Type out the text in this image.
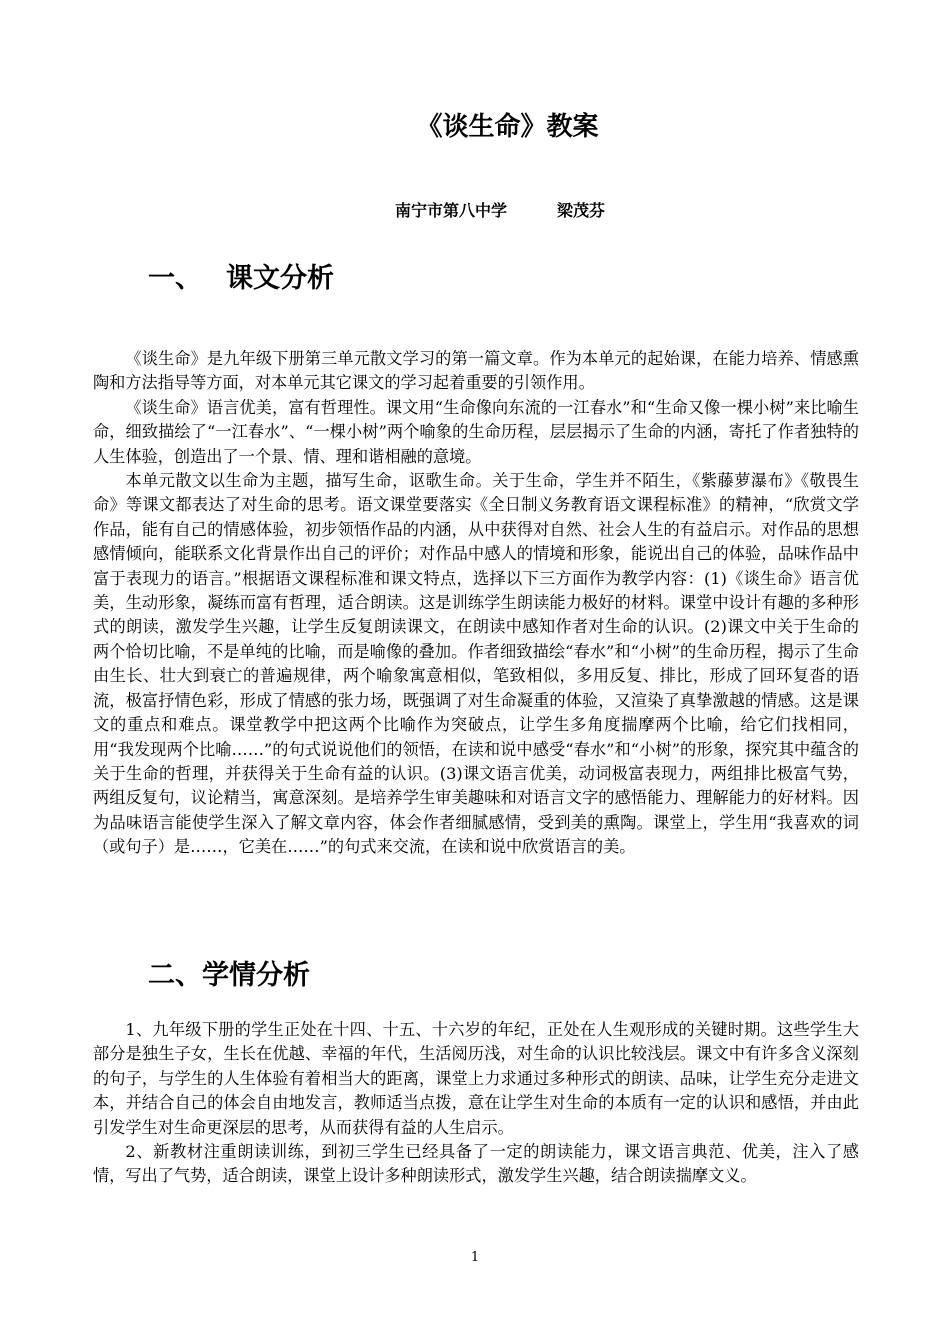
《谈生命》教案
南宁市第八中学	梁茂芬
一、 课文分析

《谈生命》是九年级下册第三单元散文学习的第一篇文章。作为本单元的起始课，在能力培养、情感熏陶和方法指导等方面，对本单元其它课文的学习起着重要的引领作用。

《谈生命》语言优美，富有哲理性。课文用“生命像向东流的一江春水”和“生命又像一棵小树”来比喻生命，细致描绘了“一江春水”、“一棵小树”两个喻象的生命历程，层层揭示了生命的内涵，寄托了作者独特的人生体验，创造出了一个景、情、理和谐相融的意境。

本单元散文以生命为主题，描写生命，讴歌生命。关于生命，学生并不陌生，《紫藤萝瀑布》《敬畏生命》等课文都表达了对生命的思考。语文课堂要落实《全日制义务教育语文课程标准》的精神，“欣赏文学作品，能有自己的情感体验，初步领悟作品的内涵，从中获得对自然、社会人生的有益启示。对作品的思想感情倾向，能联系文化背景作出自己的评价；对作品中感人的情境和形象，能说出自己的体验，品味作品中富于表现力的语言。”根据语文课程标准和课文特点，选择以下三方面作为教学内容：(1)《谈生命》语言优美，生动形象，凝练而富有哲理，适合朗读。这是训练学生朗读能力极好的材料。课堂中设计有趣的多种形式的朗读，激发学生兴趣，让学生反复朗读课文，在朗读中感知作者对生命的认识。(2)课文中关于生命的两个恰切比喻，不是单纯的比喻，而是喻像的叠加。作者细致描绘“春水”和“小树”的生命历程，揭示了生命由生长、壮大到衰亡的普遍规律，两个喻象寓意相似，笔致相似，多用反复、排比，形成了回环复沓的语流，极富抒情色彩，形成了情感的张力场，既强调了对生命凝重的体验，又渲染了真挚激越的情感。这是课文的重点和难点。课堂教学中把这两个比喻作为突破点，让学生多角度揣摩两个比喻，给它们找相同，用“我发现两个比喻……”的句式说说他们的领悟，在读和说中感受“春水”和“小树”的形象，探究其中蕴含的关于生命的哲理，并获得关于生命有益的认识。(3)课文语言优美，动词极富表现力，两组排比极富气势，两组反复句，议论精当，寓意深刻。是培养学生审美趣味和对语言文字的感悟能力、理解能力的好材料。因为品味语言能使学生深入了解文章内容，体会作者细腻感情，受到美的熏陶。课堂上，学生用“我喜欢的词（或句子）是……，它美在……”的句式来交流，在读和说中欣赏语言的美。

二、学情分析

1、九年级下册的学生正处在十四、十五、十六岁的年纪，正处在人生观形成的关键时期。这些学生大部分是独生子女，生长在优越、幸福的年代，生活阅历浅，对生命的认识比较浅层。课文中有许多含义深刻的句子，与学生的人生体验有着相当大的距离，课堂上力求通过多种形式的朗读、品味，让学生充分走进文本，并结合自己的体会自由地发言，教师适当点拨，意在让学生对生命的本质有一定的认识和感悟，并由此引发学生对生命更深层的思考，从而获得有益的人生启示。

2、新教材注重朗读训练，到初三学生已经具备了一定的朗读能力，课文语言典范、优美，注入了感情，写出了气势，适合朗读，课堂上设计多种朗读形式，激发学生兴趣，结合朗读揣摩文义。

1
